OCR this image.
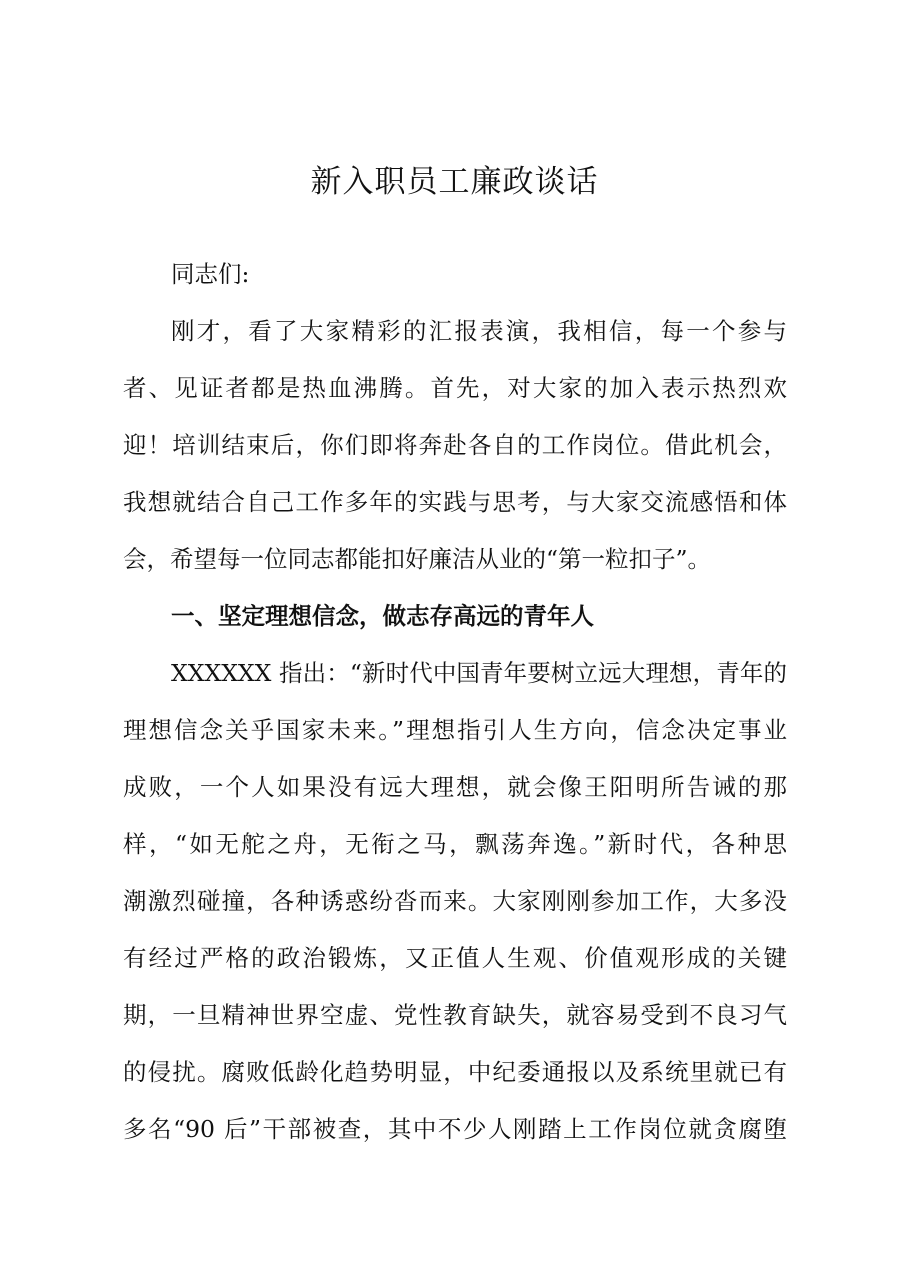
新入职员工廉政谈话

同志们:

刚才，看了大家精彩的汇报表演，我相信，每一个参与

者、见证者都是热血沸腾。首先，对大家的加入表示热烈欢

迎！培训结束后，你们即将奔赴各自的工作岗位。借此机会，

我想就结合自己工作多年的实践与思考，与大家交流感悟和体

会，希望每一位同志都能扣好廉洁从业的“第一粒扣子”。

一、坚定理想信念，做志存高远的青年人

XXXXXX 指出：“新时代中国青年要树立远大理想，青年的

理想信念关乎国家未来。”理想指引人生方向，信念决定事业

成败，一个人如果没有远大理想，就会像王阳明所告诫的那

样，“如无舵之舟，无衔之马，飘荡奔逸。”新时代，各种思

潮激烈碰撞，各种诱惑纷沓而来。大家刚刚参加工作，大多没

有经过严格的政治锻炼，又正值人生观、价值观形成的关键

期，一旦精神世界空虚、党性教育缺失，就容易受到不良习气

的侵扰。腐败低龄化趋势明显，中纪委通报以及系统里就已有

多名“90 后”干部被查，其中不少人刚踏上工作岗位就贪腐堕
